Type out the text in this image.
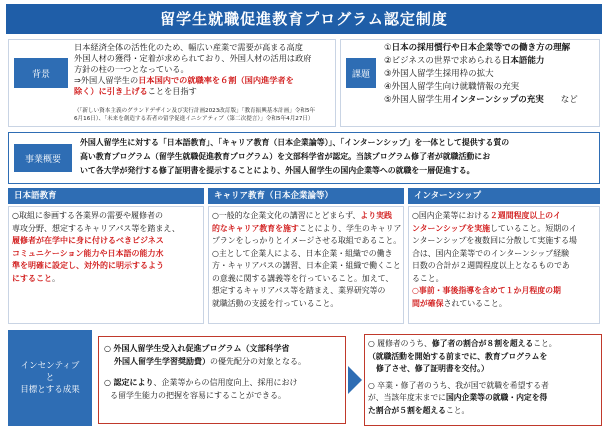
留学生就職促進教育プログラム認定制度
背景
日本経済全体の活性化のため、幅広い産業で需要が高まる高度
外国人材の獲得・定着が求められており、外国人材の活用は政府
方針の柱の一つとなっている。
⇒外国人留学生の日本国内での就職率を６割（国内進学者を
除く）に引き上げることを目指す
（「新しい資本主義のグランドデザイン及び実行計画2023改訂版」「教育振興基本計画」令和5年
6月16日）、「未来を創造する若者の留学促進イニシアティブ（第二次提言）」令和5年4月27日）
課題
①日本の採用慣行や日本企業等での働き方の理解
②ビジネスの世界で求められる日本語能力
③外国人留学生採用枠の拡大
④外国人留学生向け就職情報の充実
⑤外国人留学生用インターンシップの充実　　など
事業概要
外国人留学生に対する「日本語教育」、「キャリア教育（日本企業論等）」、「インターンシップ」を一体として提供する質の
高い教育プログラム（留学生就職促進教育プログラム）を文部科学省が認定。当該プログラム修了者が就職活動にお
いて各大学が発行する修了証明書を提示することにより、外国人留学生の国内企業等への就職を一層促進する。
日本語教育	キャリア教育（日本企業論等）	インターンシップ
○取組に参画する各業界の需要や履修者の
専攻分野、想定するキャリアパス等を踏まえ、
履修者が在学中に身に付けるべきビジネス
コミュニケーション能力や日本語の能力水
準を明確に設定し、対外的に明示するよう
にすること。
○一般的な企業文化の講習にとどまらず、より実践
的なキャリア教育を施すことにより、学生のキャリア
プランをしっかりとイメージさせる取組であること。
○主として企業人による、日本企業・組織での働き
方・キャリアパスの講習、日本企業・組織で働くこと
の意義に関する講義等を行っていること。加えて、
想定するキャリアパス等を踏まえ、業界研究等の
就職活動の支援を行っていること。
○国内企業等における２週間程度以上のイ
ンターンシップを実施していること。短期のイ
ンターンシップを複数回に分散して実施する場
合は、国内企業等でのインターンシップ経験
日数の合計が２週間程度以上となるものであ
ること。
○事前・事後指導を含めて１か月程度の期
間が確保されていること。
インセンティブ
と
目標とする成果
○ 外国人留学生受入れ促進プログラム（文部科学省
外国人留学生学習奨励費）の優先配分の対象となる。
○ 認定により、企業等からの信用度向上、採用におけ
る留学生能力の把握を容易にすることができる。
○ 履修者のうち、修了者の割合が８割を超えること。
（就職活動を開始する前までに、教育プログラムを
修了させ、修了証明書を交付。）
○ 卒業・修了者のうち、我が国で就職を希望する者
が、当該年度末までに国内企業等の就職・内定を得
た割合が５割を超えること。
